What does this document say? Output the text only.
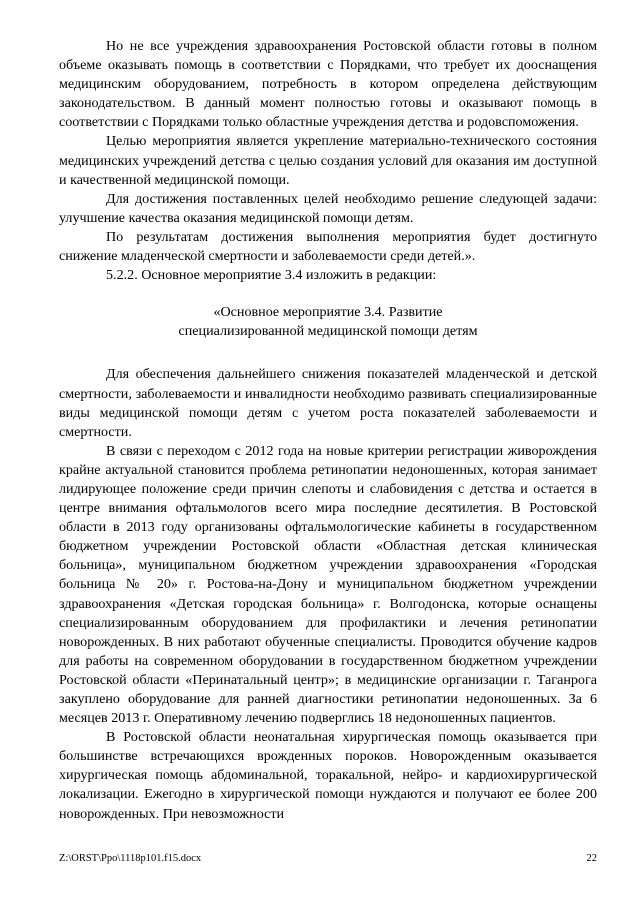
Но не все учреждения здравоохранения Ростовской области готовы в полном объеме оказывать помощь в соответствии с Порядками, что требует их дооснащения медицинским оборудованием, потребность в котором определена действующим законодательством. В данный момент полностью готовы и оказывают помощь в соответствии с Порядками только областные учреждения детства и родовспоможения.

Целью мероприятия является укрепление материально-технического состояния медицинских учреждений детства с целью создания условий для оказания им доступной и качественной медицинской помощи.

Для достижения поставленных целей необходимо решение следующей задачи: улучшение качества оказания медицинской помощи детям.

По результатам достижения выполнения мероприятия будет достигнуто снижение младенческой смертности и заболеваемости среди детей.».

5.2.2. Основное мероприятие 3.4 изложить в редакции:

«Основное мероприятие 3.4. Развитие
специализированной медицинской помощи детям

Для обеспечения дальнейшего снижения показателей младенческой и детской смертности, заболеваемости и инвалидности необходимо развивать специализированные виды медицинской помощи детям с учетом роста показателей заболеваемости и смертности.

В связи с переходом с 2012 года на новые критерии регистрации живорождения крайне актуальной становится проблема ретинопатии недоношенных, которая занимает лидирующее положение среди причин слепоты и слабовидения с детства и остается в центре внимания офтальмологов всего мира последние десятилетия. В Ростовской области в 2013 году организованы офтальмологические кабинеты в государственном бюджетном учреждении Ростовской области «Областная детская клиническая больница», муниципальном бюджетном учреждении здравоохранения «Городская больница № 20» г. Ростова-на-Дону и муниципальном бюджетном учреждении здравоохранения «Детская городская больница» г. Волгодонска, которые оснащены специализированным оборудованием для профилактики и лечения ретинопатии новорожденных. В них работают обученные специалисты. Проводится обучение кадров для работы на современном оборудовании в государственном бюджетном учреждении Ростовской области «Перинатальный центр»; в медицинские организации г. Таганрога закуплено оборудование для ранней диагностики ретинопатии недоношенных. За 6 месяцев 2013 г. Оперативному лечению подверглись 18 недоношенных пациентов.

В Ростовской области неонатальная хирургическая помощь оказывается при большинстве встречающихся врожденных пороков. Новорожденным оказывается хирургическая помощь абдоминальной, торакальной, нейро- и кардиохирургической локализации. Ежегодно в хирургической помощи нуждаются и получают ее более 200 новорожденных. При невозможности

Z:\ORST\Ppo\1118p101.f15.docx	22
